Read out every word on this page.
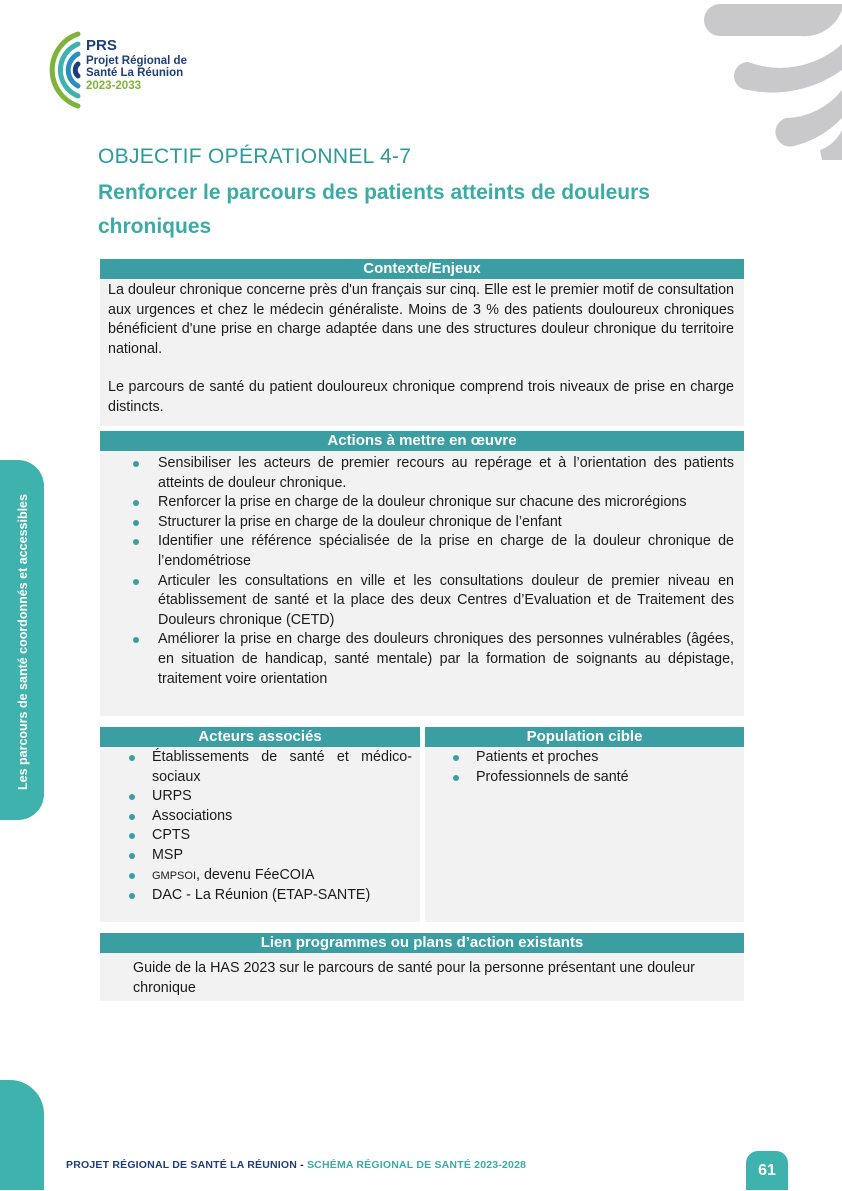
PRS
Projet Régional de
Santé La Réunion
2023-2033
Les parcours de santé coordonnés et accessibles
OBJECTIF OPÉRATIONNEL 4-7
Renforcer le parcours des patients atteints de douleurs chroniques
Contexte/Enjeux

La douleur chronique concerne près d'un français sur cinq. Elle est le premier motif de consultation aux urgences et chez le médecin généraliste. Moins de 3 % des patients douloureux chroniques bénéficient d'une prise en charge adaptée dans une des structures douleur chronique du territoire national.

Le parcours de santé du patient douloureux chronique comprend trois niveaux de prise en charge distincts.

Actions à mettre en œuvre
Sensibiliser les acteurs de premier recours au repérage et à l’orientation des patients atteints de douleur chronique.
Renforcer la prise en charge de la douleur chronique sur chacune des microrégions
Structurer la prise en charge de la douleur chronique de l’enfant
Identifier une référence spécialisée de la prise en charge de la douleur chronique de l’endométriose
Articuler les consultations en ville et les consultations douleur de premier niveau en établissement de santé et la place des deux Centres d’Evaluation et de Traitement des Douleurs chronique (CETD)
Améliorer la prise en charge des douleurs chroniques des personnes vulnérables (âgées, en situation de handicap, santé mentale) par la formation de soignants au dépistage, traitement voire orientation
Acteurs associés
Établissements de santé et médico-sociaux
URPS
Associations
CPTS
MSP
GMPSOI, devenu FéeCOIA
DAC - La Réunion (ETAP-SANTE)
Population cible
Patients et proches
Professionnels de santé
Lien programmes ou plans d’action existants
Guide de la HAS 2023 sur le parcours de santé pour la personne présentant une douleur chronique
PROJET RÉGIONAL DE SANTÉ LA RÉUNION - SCHÉMA RÉGIONAL DE SANTÉ 2023-2028	61
